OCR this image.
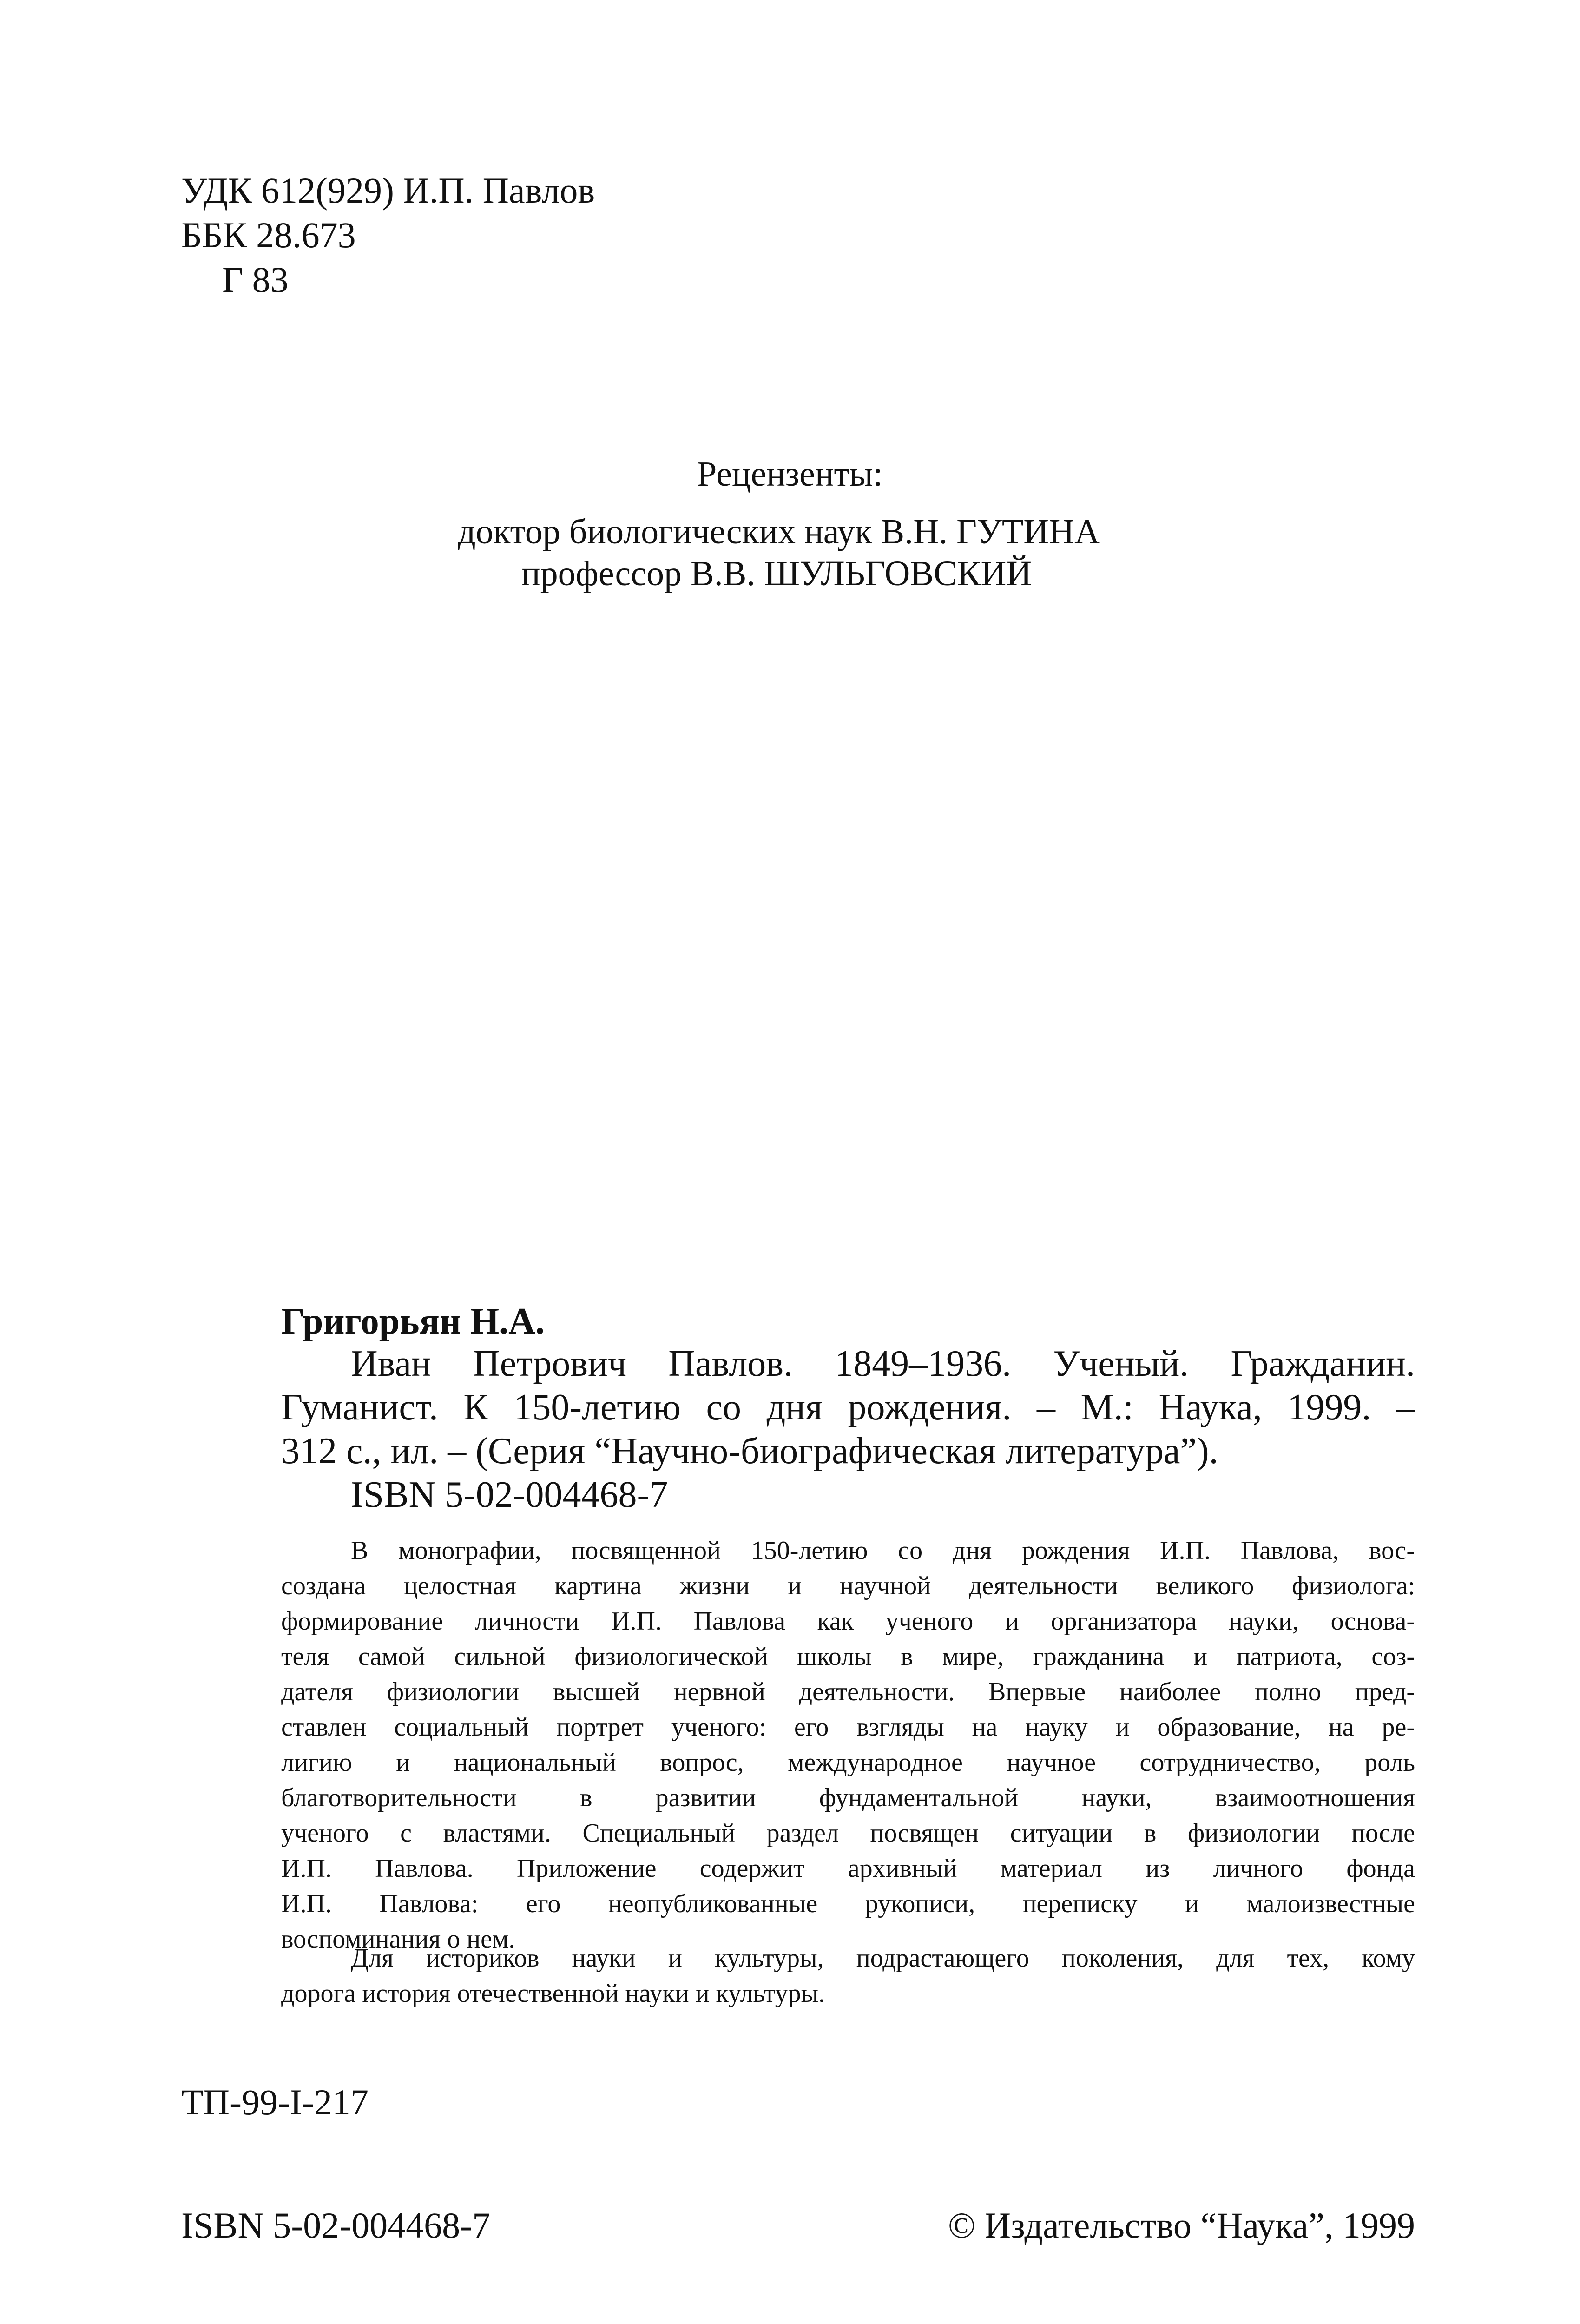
УДК 612(929) И.П. Павлов

ББК 28.673

Г 83

Рецензенты:

доктор биологических наук В.Н. ГУТИНА

профессор В.В. ШУЛЬГОВСКИЙ

Григорьян Н.А.

Иван Петрович Павлов. 1849–1936. Ученый. Гражданин.
Гуманист. К 150-летию со дня рождения. – М.: Наука, 1999. –
312 с., ил. – (Серия “Научно-биографическая литература”).
ISBN 5-02-004468-7
В монографии, посвященной 150-летию со дня рождения И.П. Павлова, вос-
создана целостная картина жизни и научной деятельности великого физиолога:
формирование личности И.П. Павлова как ученого и организатора науки, основа-
теля самой сильной физиологической школы в мире, гражданина и патриота, соз-
дателя физиологии высшей нервной деятельности. Впервые наиболее полно пред-
ставлен социальный портрет ученого: его взгляды на науку и образование, на ре-
лигию и национальный вопрос, международное научное сотрудничество, роль
благотворительности в развитии фундаментальной науки, взаимоотношения
ученого с властями. Специальный раздел посвящен ситуации в физиологии после
И.П. Павлова. Приложение содержит архивный материал из личного фонда
И.П. Павлова: его неопубликованные рукописи, переписку и малоизвестные
воспоминания о нем.
Для историков науки и культуры, подрастающего поколения, для тех, кому
дорога история отечественной науки и культуры.

ТП-99-I-217

ISBN 5-02-004468-7	© Издательство “Наука”, 1999
